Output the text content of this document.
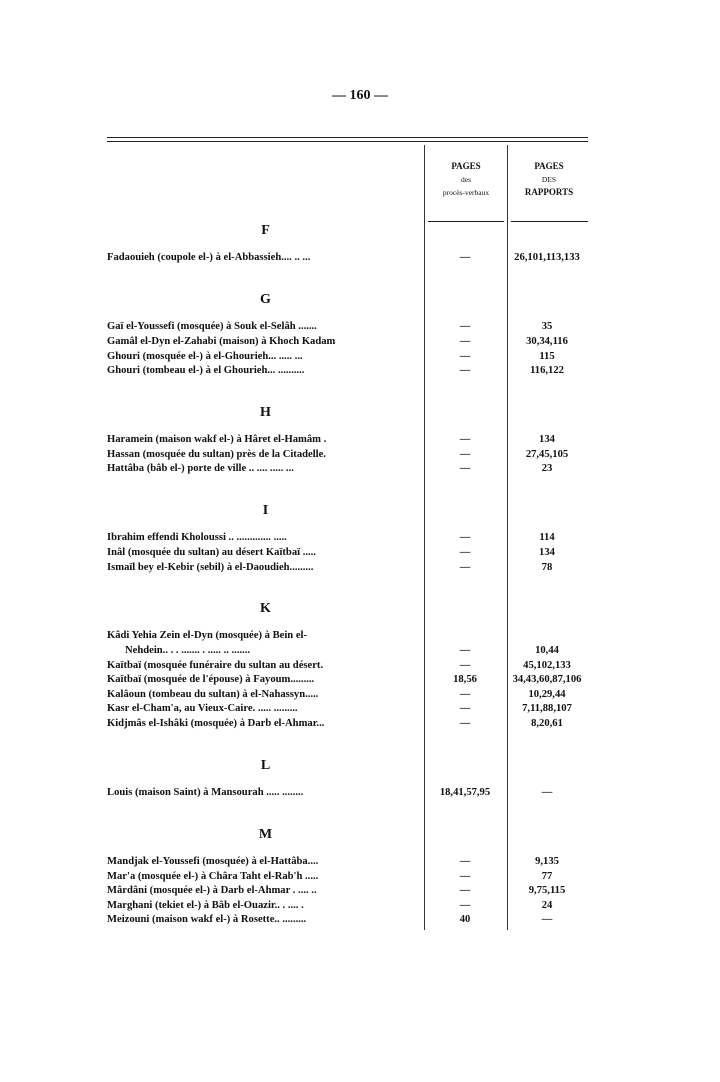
— 160 —
PAGES
des
procès-verbaux
PAGES
DES
RAPPORTS
F
Fadaouieh (coupole el-) à el-Abbassieh.... .. ...	—	26,101,113,133
G
Gaï el-Youssefi (mosquée) à Souk el-Selâh .......	—	35
Gamâl el-Dyn el-Zahabi (maison) à Khoch Kadam	—	30,34,116
Ghouri (mosquée el-) à el-Ghourieh... ..... ...	—	115
Ghouri (tombeau el-) à el Ghourieh... ..........	—	116,122
H
Haramein (maison wakf el-) à Hâret el-Hamâm .	—	134
Hassan (mosquée du sultan) près de la Citadelle.	—	27,45,105
Hattâba (bâb el-) porte de ville .. .... ..... ...	—	23
I
Ibrahim effendi Kholoussi .. ............. .....	—	114
Inâl (mosquée du sultan) au désert Kaïtbaï .....	—	134
Ismaïl bey el-Kebir (sebil) à el-Daoudieh.........	—	78
K
Kâdi Yehia Zein el-Dyn (mosquée) à Bein el-
Nehdein.. . . ....... . ..... .. .......	—	10,44
Kaïtbaï (mosquée funéraire du sultan au désert.	—	45,102,133
Kaïtbaï (mosquée de l'épouse) à Fayoum.........	18,56	34,43,60,87,106
Kalâoun (tombeau du sultan) à el-Nahassyn.....	—	10,29,44
Kasr el-Cham'a, au Vieux-Caire. ..... .........	—	7,11,88,107
Kidjmâs el-Ishâki (mosquée) à Darb el-Ahmar...	—	8,20,61
L
Louis (maison Saint) à Mansourah ..... ........	18,41,57,95	—
M
Mandjak el-Youssefi (mosquée) à el-Hattâba....	—	9,135
Mar'a (mosquée el-) à Châra Taht el-Rab'h .....	—	77
Mârdâni (mosquée el-) à Darb el-Ahmar . .... ..	—	9,75,115
Marghani (tekiet el-) à Bâb el-Ouazir.. . .... .	—	24
Meizouni (maison wakf el-) à Rosette.. .........	40	—
